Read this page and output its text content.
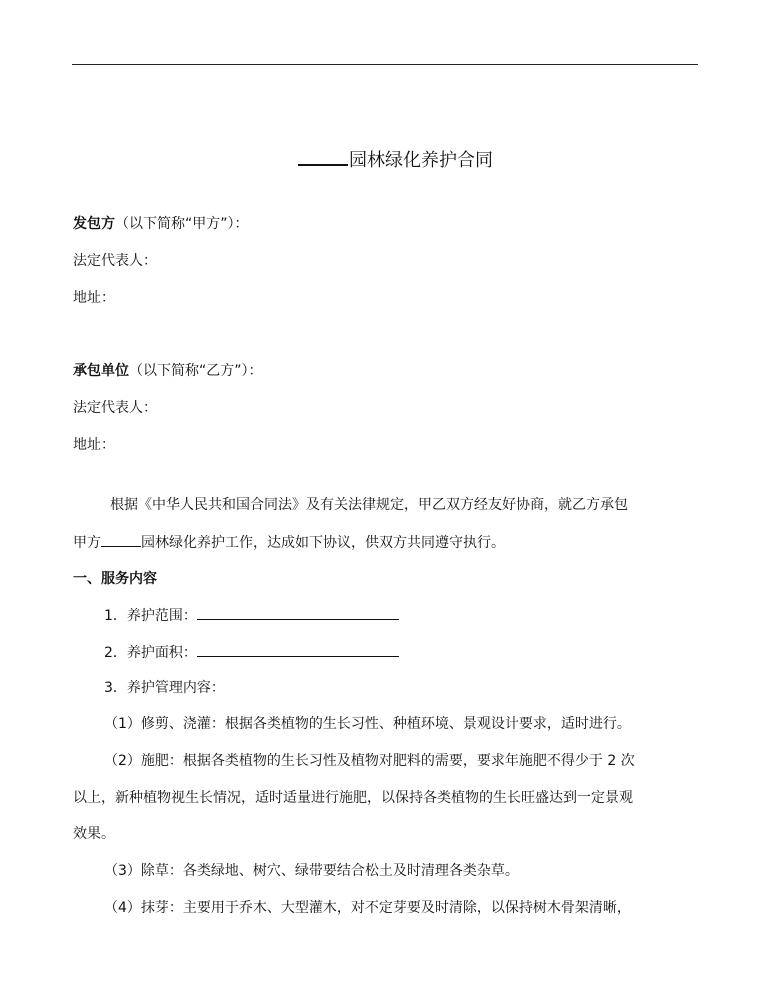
园林绿化养护合同
发包方（以下简称“甲方”）：
法定代表人：
地址：
承包单位（以下简称“乙方”）：
法定代表人：
地址：
根据《中华人民共和国合同法》及有关法律规定，甲乙双方经友好协商，就乙方承包
甲方	园林绿化养护工作，达成如下协议，供双方共同遵守执行。
一、服务内容
1．养护范围：
2．养护面积：
3．养护管理内容：
（1）修剪、浇灌：根据各类植物的生长习性、种植环境、景观设计要求，适时进行。
（2）施肥：根据各类植物的生长习性及植物对肥料的需要，要求年施肥不得少于 2 次
以上，新种植物视生长情况，适时适量进行施肥，以保持各类植物的生长旺盛达到一定景观
效果。
（3）除草：各类绿地、树穴、绿带要结合松土及时清理各类杂草。
（4）抹芽：主要用于乔木、大型灌木，对不定芽要及时清除，以保持树木骨架清晰，
